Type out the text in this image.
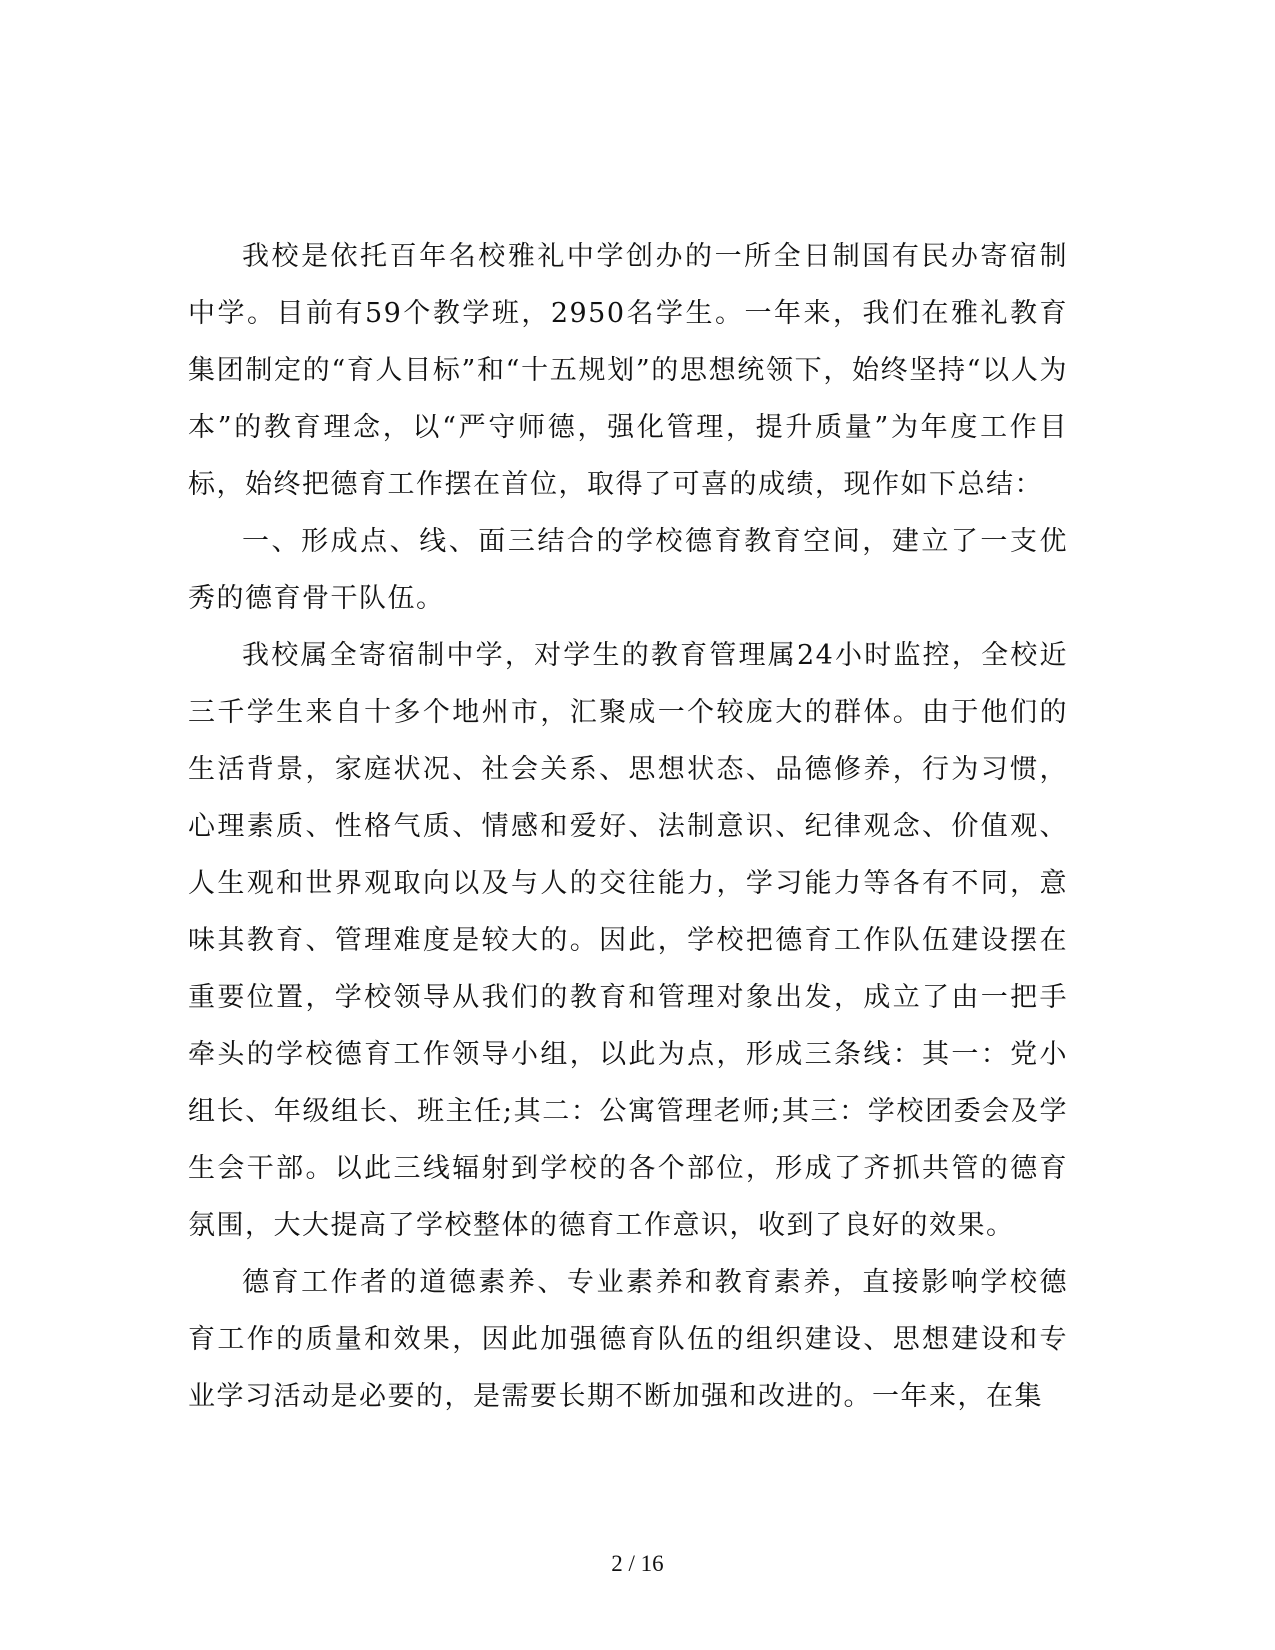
我校是依托百年名校雅礼中学创办的一所全日制国有民办寄宿制中学。目前有59个教学班，2950名学生。一年来，我们在雅礼教育集团制定的“育人目标”和“十五规划”的思想统领下，始终坚持“以人为本”的教育理念，以“严守师德，强化管理，提升质量”为年度工作目标，始终把德育工作摆在首位，取得了可喜的成绩，现作如下总结：

一、形成点、线、面三结合的学校德育教育空间，建立了一支优秀的德育骨干队伍。

我校属全寄宿制中学，对学生的教育管理属24小时监控，全校近三千学生来自十多个地州市，汇聚成一个较庞大的群体。由于他们的生活背景，家庭状况、社会关系、思想状态、品德修养，行为习惯，心理素质、性格气质、情感和爱好、法制意识、纪律观念、价值观、人生观和世界观取向以及与人的交往能力，学习能力等各有不同，意味其教育、管理难度是较大的。因此，学校把德育工作队伍建设摆在重要位置，学校领导从我们的教育和管理对象出发，成立了由一把手牵头的学校德育工作领导小组，以此为点，形成三条线：其一：党小组长、年级组长、班主任;其二：公寓管理老师;其三：学校团委会及学生会干部。以此三线辐射到学校的各个部位，形成了齐抓共管的德育氛围，大大提高了学校整体的德育工作意识，收到了良好的效果。

德育工作者的道德素养、专业素养和教育素养，直接影响学校德育工作的质量和效果，因此加强德育队伍的组织建设、思想建设和专业学习活动是必要的，是需要长期不断加强和改进的。一年来，在集

2 / 16
